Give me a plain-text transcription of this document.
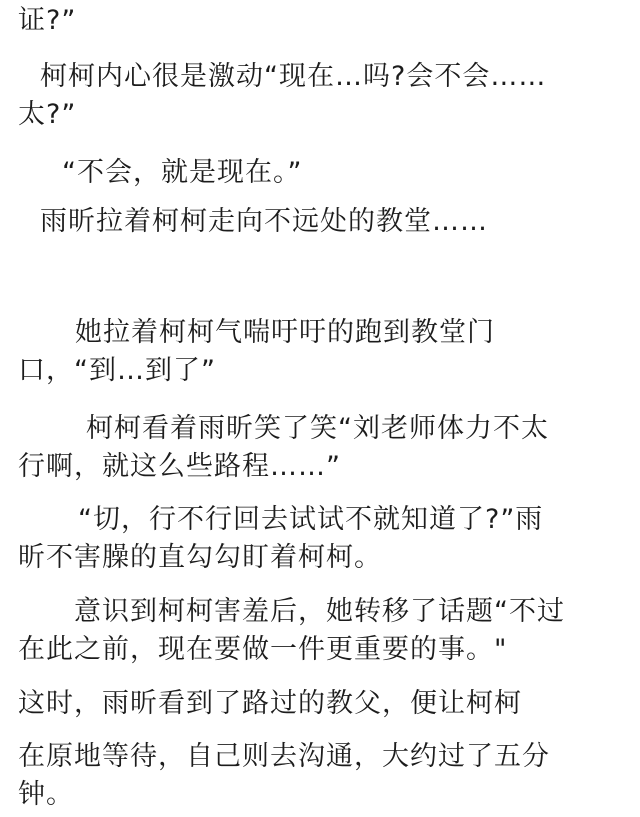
证?”
柯柯内心很是激动“现在…吗?会不会……
太?”
“不会，就是现在。”
雨昕拉着柯柯走向不远处的教堂……
她拉着柯柯气喘吁吁的跑到教堂门
口，“到…到了”
柯柯看着雨昕笑了笑“刘老师体力不太
行啊，就这么些路程……”
“切，行不行回去试试不就知道了?”雨
昕不害臊的直勾勾盯着柯柯。
意识到柯柯害羞后，她转移了话题“不过
在此之前，现在要做一件更重要的事。"
这时，雨昕看到了路过的教父，便让柯柯
在原地等待，自己则去沟通，大约过了五分
钟。
